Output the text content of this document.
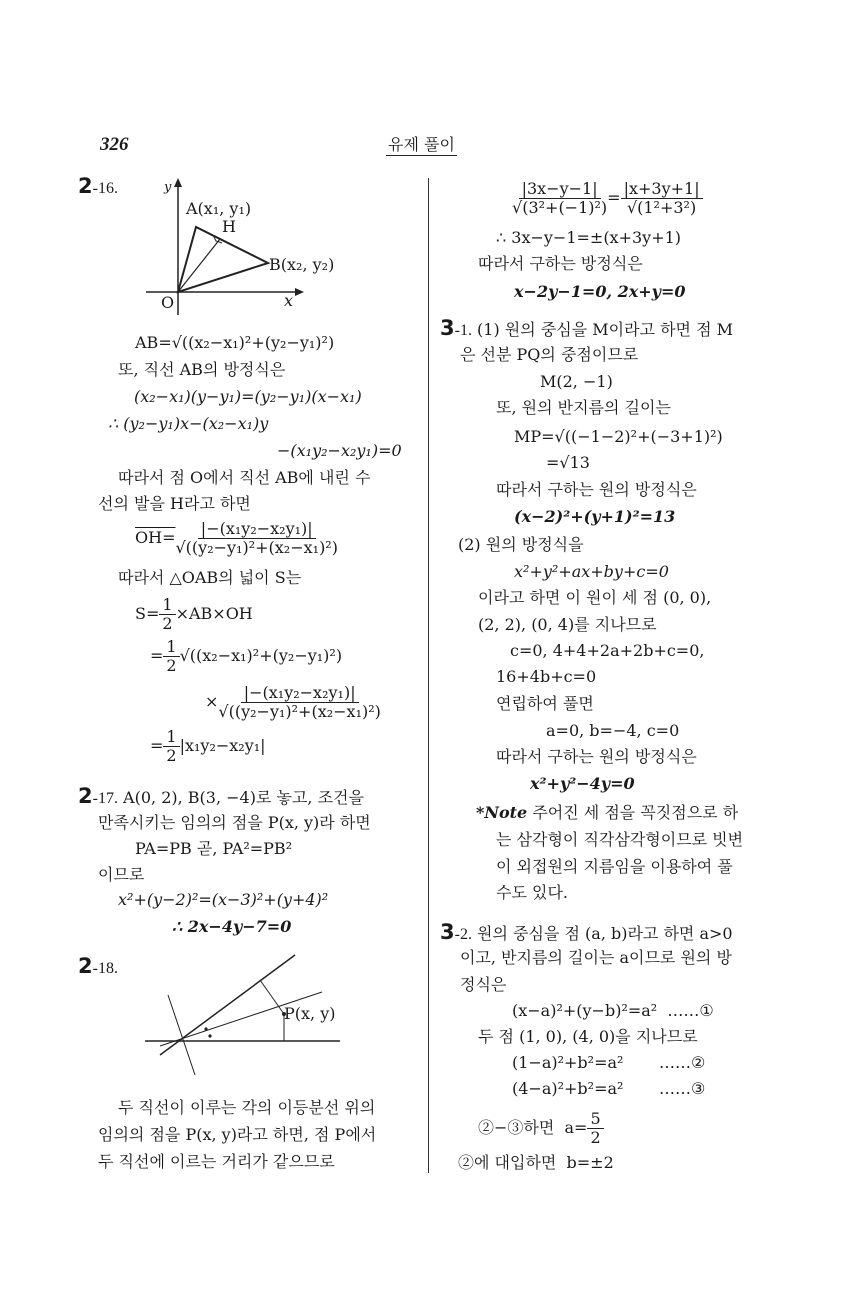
326	유제 풀이
2-16.	y
A(x₁, y₁)
H
B(x₂, y₂)
O	x
AB=√((x₂−x₁)²+(y₂−y₁)²)
또, 직선 AB의 방정식은
(x₂−x₁)(y−y₁)=(y₂−y₁)(x−x₁)
∴ (y₂−y₁)x−(x₂−x₁)y
−(x₁y₂−x₂y₁)=0
따라서 점 O에서 직선 AB에 내린 수
선의 발을 H라고 하면
$OH= \frac{\text{|−(x₁y₂−x₂y₁)|}}{\text{√((y₂−y₁)²+(x₂−x₁)²)}}$
따라서 △OAB의 넓이 S는
$S= \frac{1}{2} \times AB\times OH$
= $\frac{1}{2} √((x_2-x_1)^2+(y_2-y_1)^2)$
× $\frac{\text{|−(x₁y₂−x₂y₁)|}}{\text{√((y₂−y₁)²+(x₂−x₁)²)}}$
= $\frac{1}{2} |x_1y_2-x_2y_1|$
2-17. A(0, 2), B(3, −4)로 놓고, 조건을
만족시키는 임의의 점을 P(x, y)라 하면
PA=PB 곧, PA²=PB²
이므로
x²+(y−2)²=(x−3)²+(y+4)²
∴ 2x−4y−7=0
2-18.
P(x, y)
두 직선이 이루는 각의 이등분선 위의
임의의 점을 P(x, y)라고 하면, 점 P에서
두 직선에 이르는 거리가 같으므로
$\frac{|3x-y-1|}{\text{√(3²+(−1)²)}} = \frac{|x+3y+1|}{\text{√(1²+3²)}}$
∴ 3x−y−1=±(x+3y+1)
따라서 구하는 방정식은
x−2y−1=0, 2x+y=0
3-1. (1) 원의 중심을 M이라고 하면 점 M
은 선분 PQ의 중점이므로
M(2, −1)
또, 원의 반지름의 길이는
MP=√((−1−2)²+(−3+1)²)
=√13
따라서 구하는 원의 방정식은
(x−2)²+(y+1)²=13
(2) 원의 방정식을
x²+y²+ax+by+c=0
이라고 하면 이 원이 세 점 (0, 0),
(2, 2), (0, 4)를 지나므로
c=0, 4+4+2a+2b+c=0,
16+4b+c=0
연립하여 풀면
a=0, b=−4, c=0
따라서 구하는 원의 방정식은
x²+y²−4y=0
*Note 주어진 세 점을 꼭짓점으로 하
는 삼각형이 직각삼각형이므로 빗변
이 외접원의 지름임을 이용하여 풀
수도 있다.
3-2. 원의 중심을 점 (a, b)라고 하면 a>0
이고, 반지름의 길이는 a이므로 원의 방
정식은
(x−a)²+(y−b)²=a²  ……①
두 점 (1, 0), (4, 0)을 지나므로
(1−a)²+b²=a²       ……②
(4−a)²+b²=a²       ……③
②−③하면  $a= \frac{5}{2}$
②에 대입하면  b=±2
